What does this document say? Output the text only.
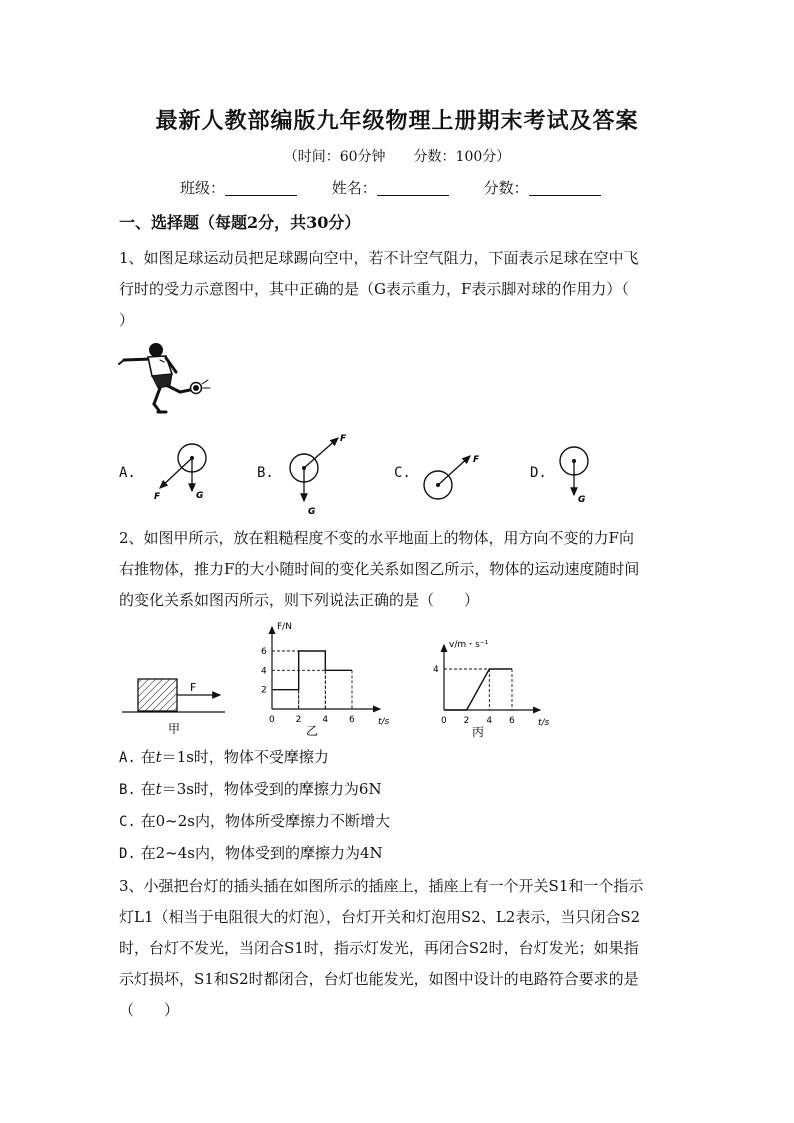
最新人教部编版九年级物理上册期末考试及答案
（时间：60分钟　　分数：100分）
班级：	姓名：	分数：
一、选择题（每题2分，共30分）
1、如图足球运动员把足球踢向空中，若不计空气阻力，下面表示足球在空中飞
行时的受力示意图中，其中正确的是（G表示重力，F表示脚对球的作用力）（
）
A.	B.	C.	D.
F	G
F
G
F
G
2、如图甲所示，放在粗糙程度不变的水平地面上的物体，用方向不变的力F向
右推物体，推力F的大小随时间的变化关系如图乙所示，物体的运动速度随时间
的变化关系如图丙所示，则下列说法正确的是（　　）
F
甲
0 2 4 6
2
4
6
F/N
t/s
乙
0 2 4 6
4
v/m・s⁻¹
t/s
丙
A. 在t＝1s时，物体不受摩擦力
B. 在t＝3s时，物体受到的摩擦力为6N
C. 在0~2s内，物体所受摩擦力不断增大
D. 在2~4s内，物体受到的摩擦力为4N
3、小强把台灯的插头插在如图所示的插座上，插座上有一个开关S1和一个指示
灯L1（相当于电阻很大的灯泡），台灯开关和灯泡用S2、L2表示，当只闭合S2
时，台灯不发光，当闭合S1时，指示灯发光，再闭合S2时，台灯发光；如果指
示灯损坏，S1和S2时都闭合，台灯也能发光，如图中设计的电路符合要求的是
（　　）
